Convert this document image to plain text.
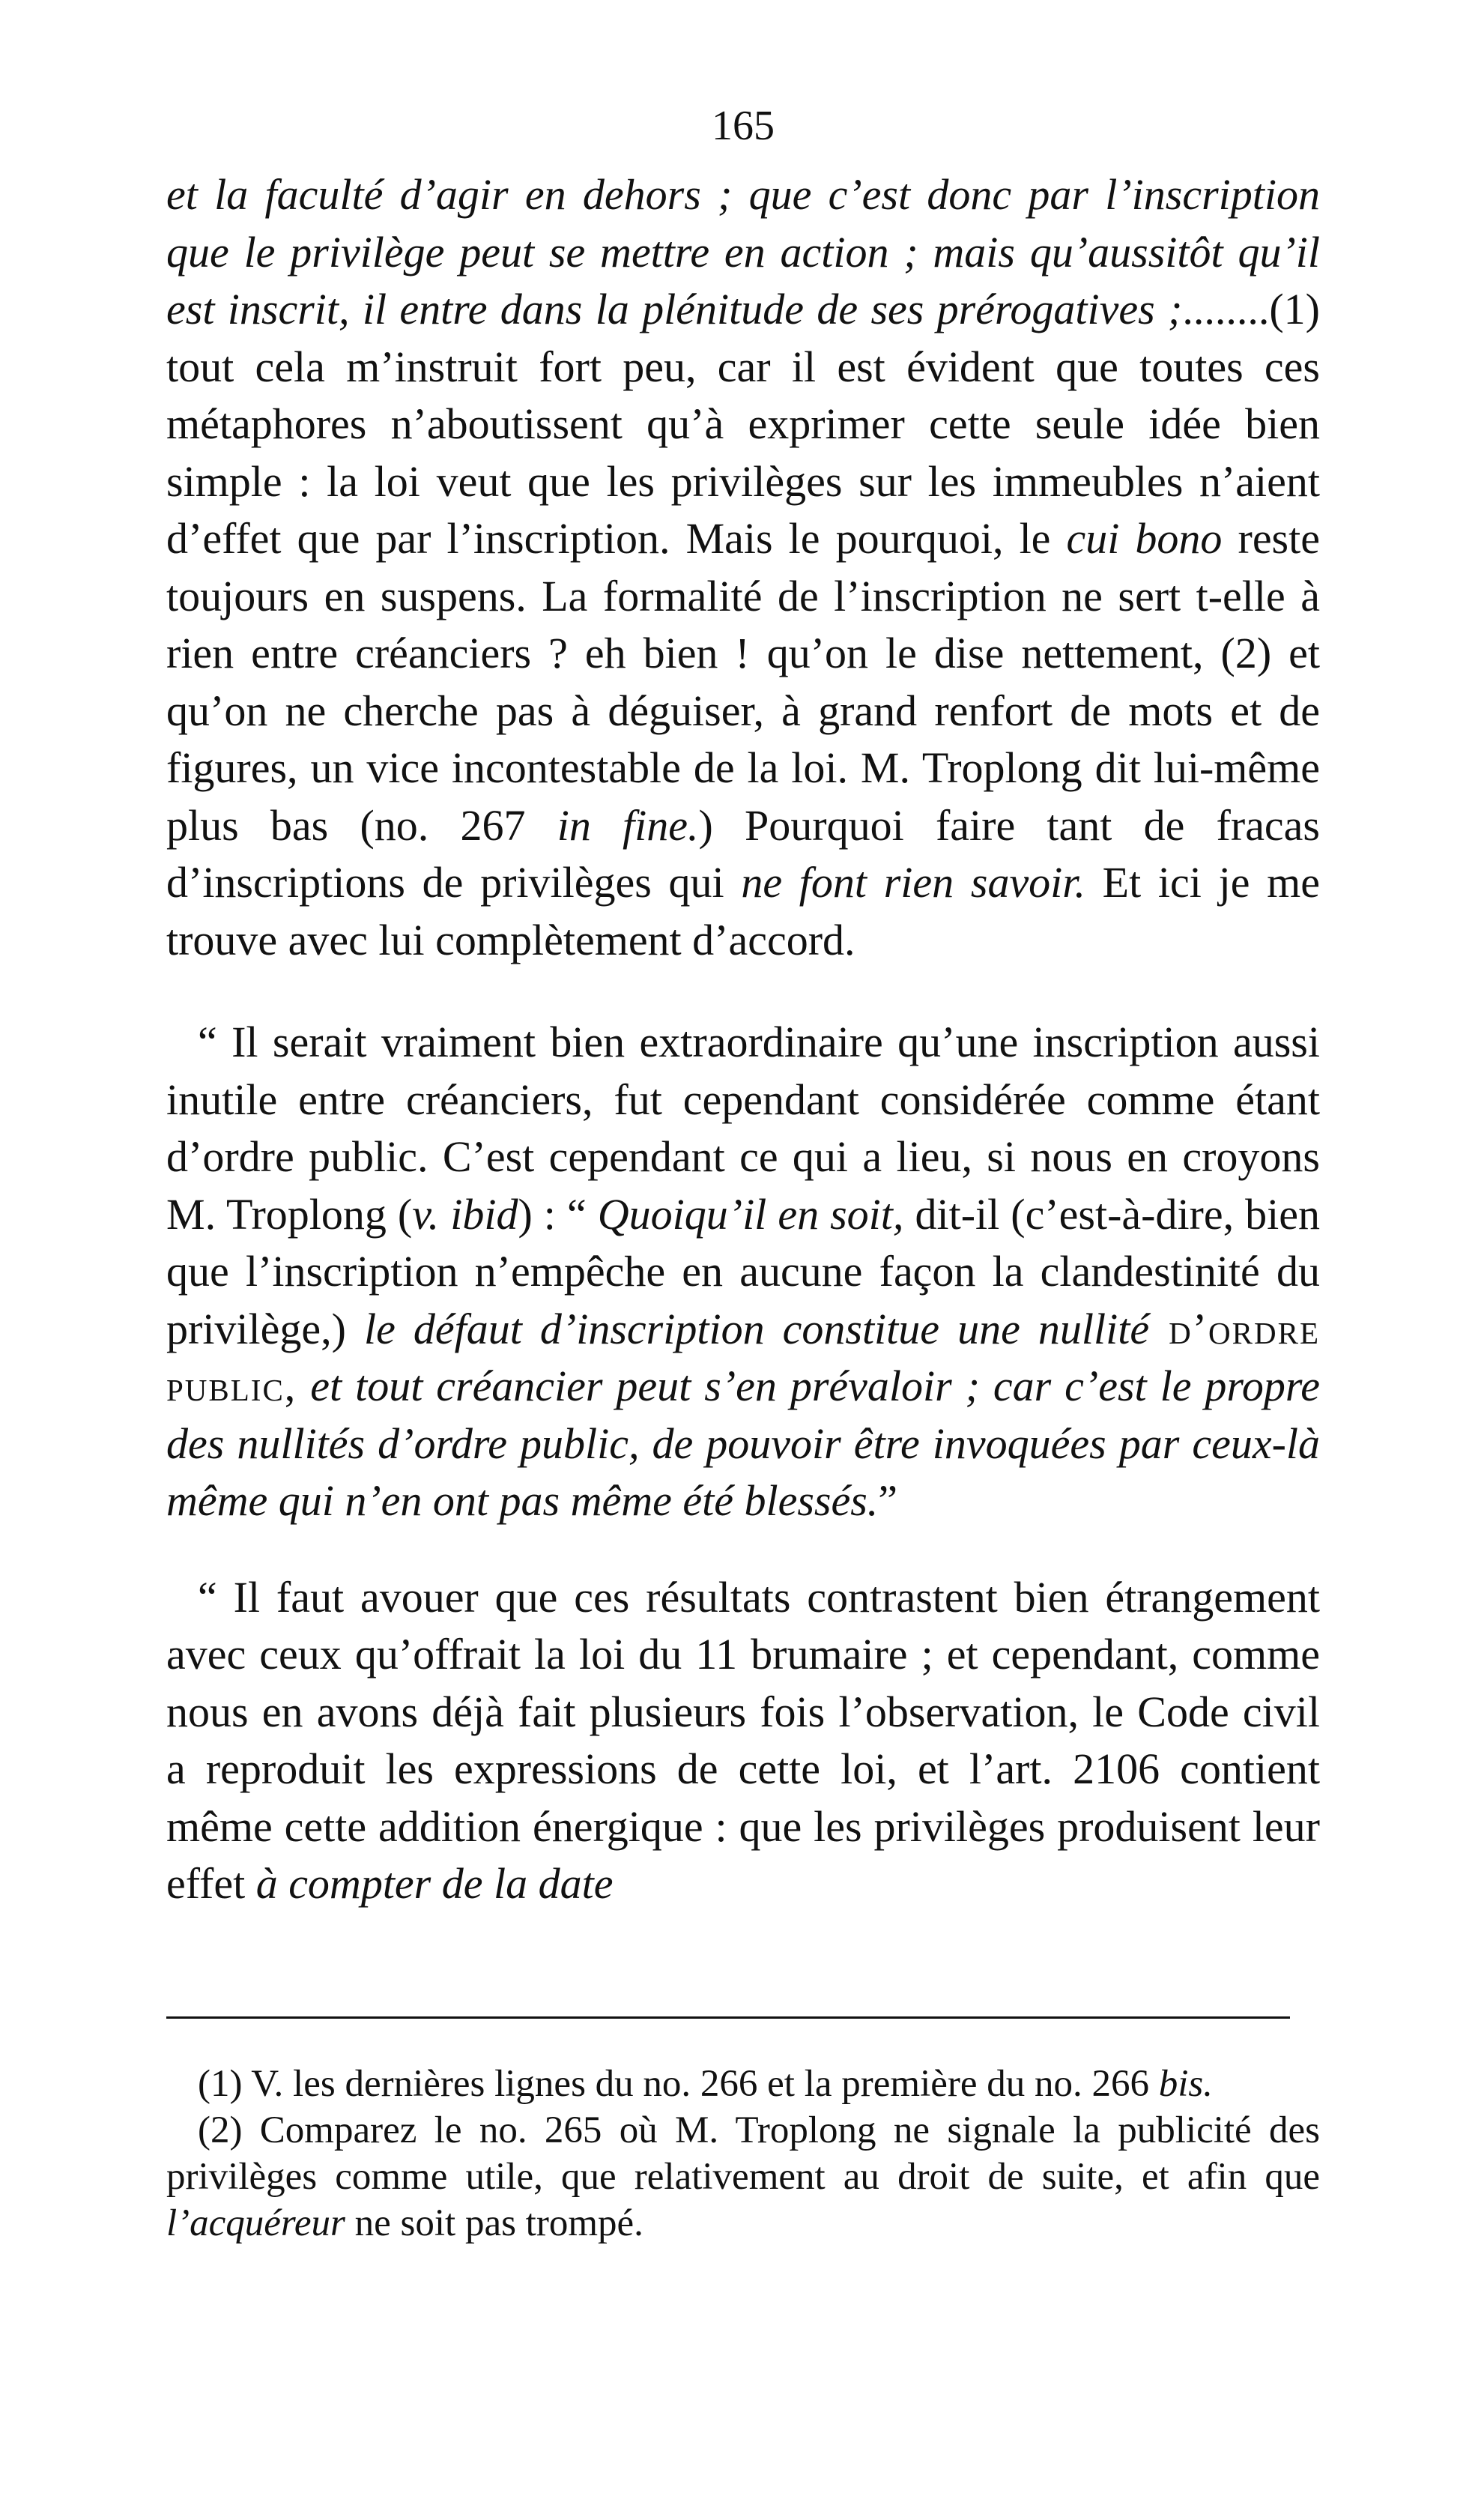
165

et la faculté d’agir en dehors ; que c’est donc par l’inscription que le privilège peut se mettre en action ; mais qu’aussitôt qu’il est inscrit, il entre dans la plénitude de ses prérogatives ;........(1) tout cela m’instruit fort peu, car il est évident que toutes ces métaphores n’aboutissent qu’à exprimer cette seule idée bien simple : la loi veut que les privilèges sur les immeubles n’aient d’effet que par l’inscription. Mais le pourquoi, le cui bono reste toujours en suspens. La formalité de l’inscription ne sert t-elle à rien entre créanciers ? eh bien ! qu’on le dise nettement, (2) et qu’on ne cherche pas à déguiser, à grand renfort de mots et de figures, un vice incontestable de la loi. M. Troplong dit lui-même plus bas (no. 267 in fine.) Pourquoi faire tant de fracas d’inscriptions de privilèges qui ne font rien savoir. Et ici je me trouve avec lui complètement d’accord.

“ Il serait vraiment bien extraordinaire qu’une inscription aussi inutile entre créanciers, fut cependant considérée comme étant d’ordre public. C’est cependant ce qui a lieu, si nous en croyons M. Troplong (v. ibid) : “ Quoiqu’il en soit, dit-il (c’est-à-dire, bien que l’inscription n’empêche en aucune façon la clandestinité du privilège,) le défaut d’inscription constitue une nullité d’ordre public, et tout créancier peut s’en prévaloir ; car c’est le propre des nullités d’ordre public, de pouvoir être invoquées par ceux-là même qui n’en ont pas même été blessés.”

“ Il faut avouer que ces résultats contrastent bien étrangement avec ceux qu’offrait la loi du 11 brumaire ; et cependant, comme nous en avons déjà fait plusieurs fois l’observation, le Code civil a reproduit les expressions de cette loi, et l’art. 2106 contient même cette addition énergique : que les privilèges produisent leur effet à compter de la date

(1) V. les dernières lignes du no. 266 et la première du no. 266 bis.

(2) Comparez le no. 265 où M. Troplong ne signale la publicité des privilèges comme utile, que relativement au droit de suite, et afin que l’acquéreur ne soit pas trompé.
